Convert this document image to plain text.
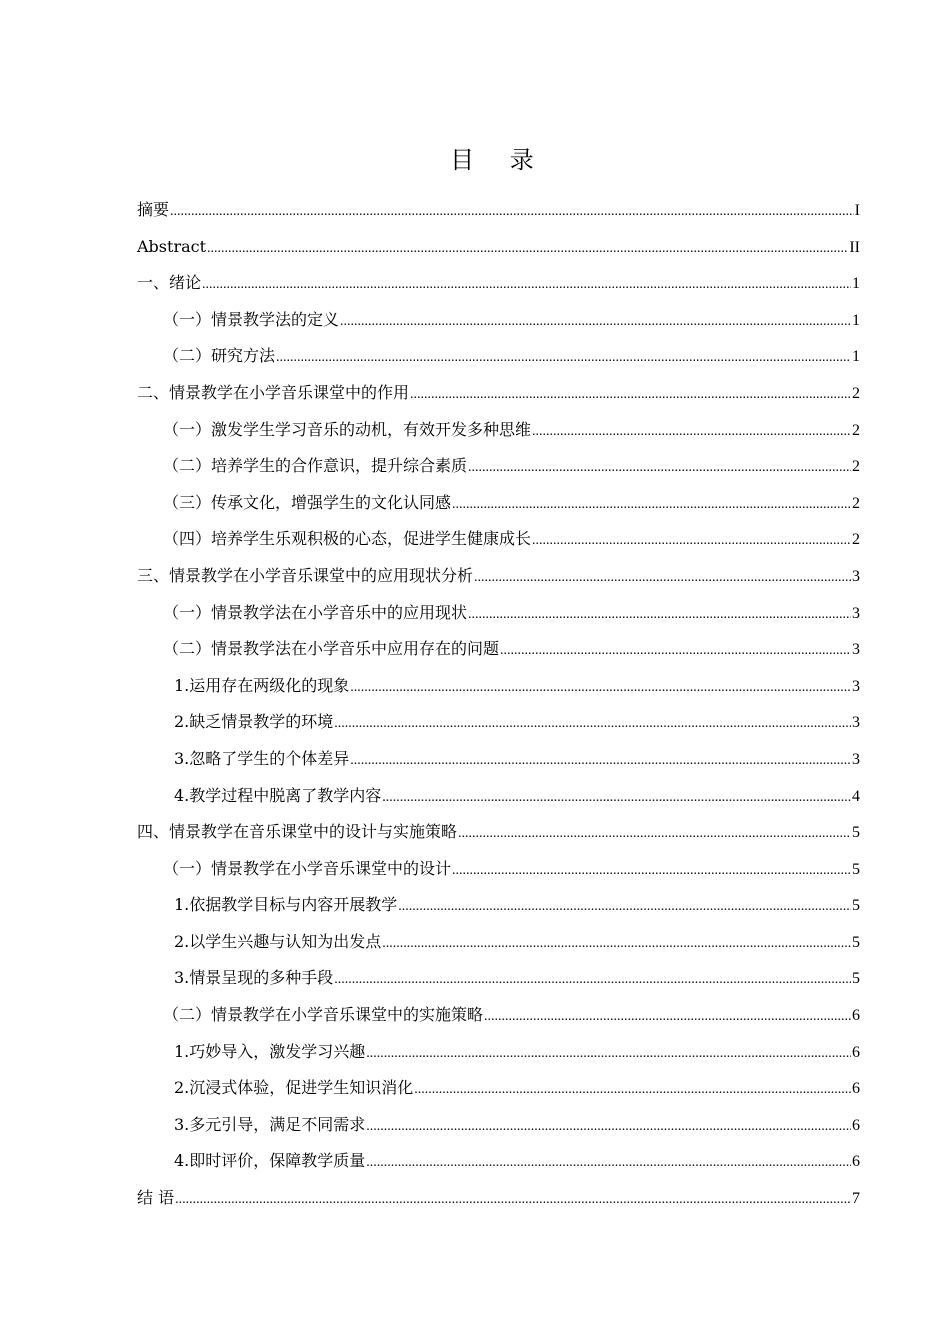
目 录
摘要 .....	I
Abstract .....	II
一、绪论 .....	1
（一）情景教学法的定义 .....	1
（二）研究方法 .....	1
二、情景教学在小学音乐课堂中的作用 .....	2
（一）激发学生学习音乐的动机，有效开发多种思维 .....	2
（二）培养学生的合作意识，提升综合素质 .....	2
（三）传承文化，增强学生的文化认同感 .....	2
（四）培养学生乐观积极的心态，促进学生健康成长 .....	2
三、情景教学在小学音乐课堂中的应用现状分析 .....	3
（一）情景教学法在小学音乐中的应用现状 .....	3
（二）情景教学法在小学音乐中应用存在的问题 .....	3
1.运用存在两级化的现象 .....	3
2.缺乏情景教学的环境 .....	3
3.忽略了学生的个体差异 .....	3
4.教学过程中脱离了教学内容 .....	4
四、情景教学在音乐课堂中的设计与实施策略 .....	5
（一）情景教学在小学音乐课堂中的设计 .....	5
1.依据教学目标与内容开展教学 .....	5
2.以学生兴趣与认知为出发点 .....	5
3.情景呈现的多种手段 .....	5
（二）情景教学在小学音乐课堂中的实施策略 .....	6
1.巧妙导入，激发学习兴趣 .....	6
2.沉浸式体验，促进学生知识消化 .....	6
3.多元引导，满足不同需求 .....	6
4.即时评价，保障教学质量 .....	6
结 语 .....	7
